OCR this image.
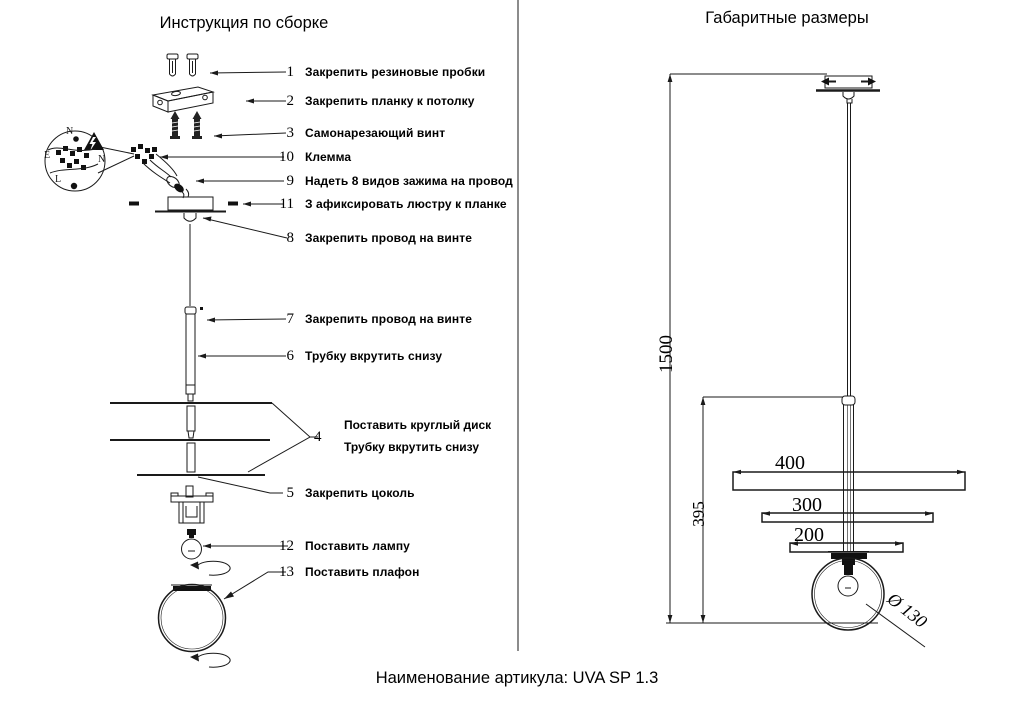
N
E	N
L
Инструкция по сборке	Габаритные размеры
1 Закрепить резиновые пробки
2 Закрепить планку к потолку
3 Самонарезающий винт
10 Клемма
9 Надеть 8 видов зажима на провод
11 З афиксировать люстру к планке
8 Закрепить провод на винте
7 Закрепить провод на винте
6 Трубку вкрутить снизу
4
Поставить круглый диск
Трубку вкрутить снизу
5 Закрепить цоколь
12 Поставить лампу
13 Поставить плафон
1500
395
400
300
200
Ø 130
Наименование артикула: UVA SP 1.3
